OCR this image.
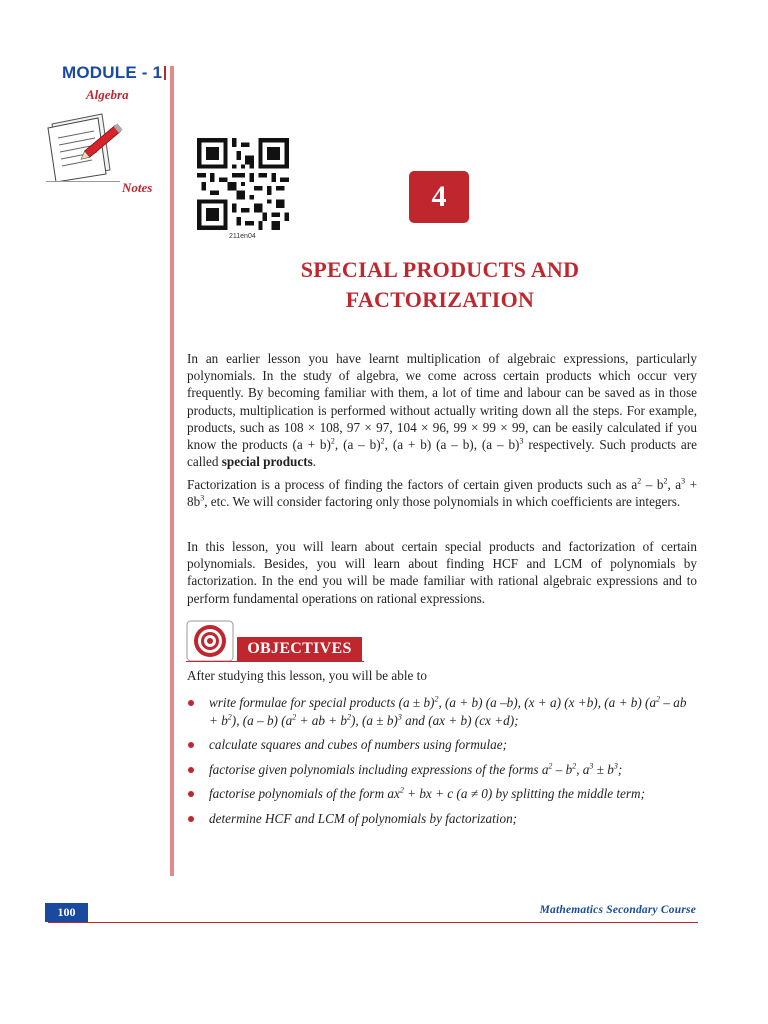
MODULE - 1
Algebra
Notes
211en04
4
SPECIAL PRODUCTS AND
FACTORIZATION

In an earlier lesson you have learnt multiplication of algebraic expressions, particularly polynomials. In the study of algebra, we come across certain products which occur very frequently. By becoming familiar with them, a lot of time and labour can be saved as in those products, multiplication is performed without actually writing down all the steps. For example, products, such as 108 × 108, 97 × 97, 104 × 96, 99 × 99 × 99, can be easily calculated if you know the products $(a + b)^2$, (a – b)$^2$, (a + b) (a – b), (a – b)$^3$ respectively. Such products are called special products.

Factorization is a process of finding the factors of certain given products such as $a^2 - b^2$, $a^3 + 8b^3$, etc. We will consider factoring only those polynomials in which coefficients are integers.

In this lesson, you will learn about certain special products and factorization of certain polynomials. Besides, you will learn about finding HCF and LCM of polynomials by factorization. In the end you will be made familiar with rational algebraic expressions and to perform fundamental operations on rational expressions.

OBJECTIVES
After studying this lesson, you will be able to
write formulae for special products $(a \pm b)^2$, (a + b) (a –b), (x + a) (x +b), (a + b) ($a^2$ – ab + $b^2$), (a – b) ($a^2$ + ab + $b^2$), $(a \pm b)^3$ and (ax + b) (cx +d);
calculate squares and cubes of numbers using formulae;
factorise given polynomials including expressions of the forms $a^2 - b^2$, $a^3 \pm b^3$;
factorise polynomials of the form $ax^2$ + bx + c (a ≠ 0) by splitting the middle term;
determine HCF and LCM of polynomials by factorization;
100	Mathematics Secondary Course
